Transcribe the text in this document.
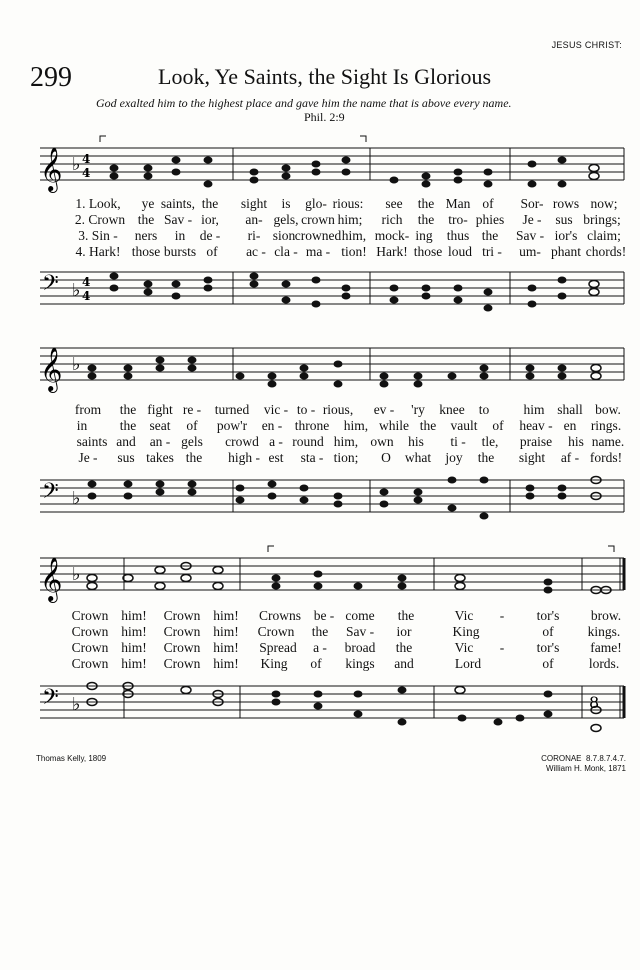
JESUS CHRIST:
299	Look, Ye Saints, the Sight Is Glorious
God exalted him to the highest place and gave him the name that is above every name.
Phil. 2:9
𝄞 ♭ 4
4
1. Look, ye saints, the sight is glo- rious: see the Man of Sor- rows now;
2. Crown the Sav - ior, an- gels, crown him; rich the tro- phies Je - sus brings;
3. Sin - ners in de - ri- sion crowned him, mock- ing thus the Sav - ior's claim;
4. Hark! those bursts of ac - cla - ma - tion! Hark! those loud tri - um- phant chords!
𝄢 ♭ 4
4
𝄞 ♭
from the fight re - turned vic - to - rious, ev - 'ry knee to	him shall bow.
in the seat of pow'r en - throne him, while the vault of heav - en rings.
saints and an - gels crowd a - round him, own his ti - tle, praise his name.
Je - sus takes the high - est sta - tion; O what joy the sight af - fords!
𝄢 ♭
𝄞 ♭
Crown him! Crown him! Crowns be - come the	Vic - tor's brow.
Crown him! Crown him! Crown the Sav - ior	King	of	kings.
Crown him! Crown him! Spread a - broad the	Vic - tor's fame!
Crown him! Crown him! King of kings and	Lord	of	lords.
𝄢 ♭	8
Thomas Kelly, 1809	CORONAE 8.7.8.7.4.7.
William H. Monk, 1871
